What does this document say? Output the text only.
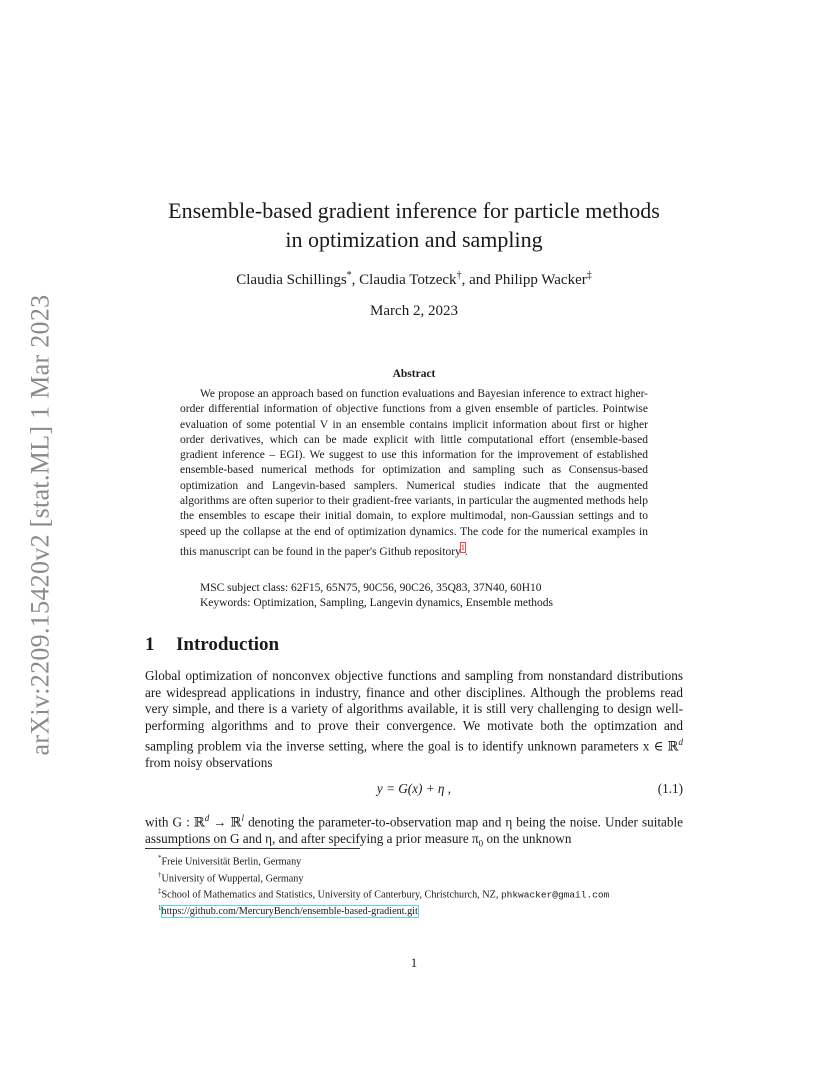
arXiv:2209.15420v2 [stat.ML] 1 Mar 2023
Ensemble-based gradient inference for particle methods
in optimization and sampling
Claudia Schillings*, Claudia Totzeck†, and Philipp Wacker‡
March 2, 2023
Abstract

We propose an approach based on function evaluations and Bayesian inference to extract higher-order differential information of objective functions from a given ensemble of particles. Pointwise evaluation of some potential V in an ensemble contains implicit information about first or higher order derivatives, which can be made explicit with little computational effort (ensemble-based gradient inference – EGI). We suggest to use this information for the improvement of established ensemble-based numerical methods for optimization and sampling such as Consensus-based optimization and Langevin-based samplers. Numerical studies indicate that the augmented algorithms are often superior to their gradient-free variants, in particular the augmented methods help the ensembles to escape their initial domain, to explore multimodal, non-Gaussian settings and to speed up the collapse at the end of optimization dynamics. The code for the numerical examples in this manuscript can be found in the paper's Github repository$^1$.

MSC subject class: 62F15, 65N75, 90C56, 90C26, 35Q83, 37N40, 60H10
Keywords: Optimization, Sampling, Langevin dynamics, Ensemble methods
1 Introduction
Global optimization of nonconvex objective functions and sampling from nonstandard distributions are widespread applications in industry, finance and other disciplines. Although the problems read very simple, and there is a variety of algorithms available, it is still very challenging to design well-performing algorithms and to prove their convergence. We motivate both the optimzation and sampling problem via the inverse setting, where the goal is to identify unknown parameters x ∈ ℝ$^d$ from noisy observations
y = G(x) + η ,	(1.1)
with G : ℝ$^d$ → ℝ$^l$ denoting the parameter-to-observation map and η being the noise. Under suitable assumptions on G and η, and after specifying a prior measure $\pi_0$ on the unknown
*Freie Universität Berlin, Germany
†University of Wuppertal, Germany
‡School of Mathematics and Statistics, University of Canterbury, Christchurch, NZ, phkwacker@gmail.com
$^1$https://github.com/MercuryBench/ensemble-based-gradient.git
1
